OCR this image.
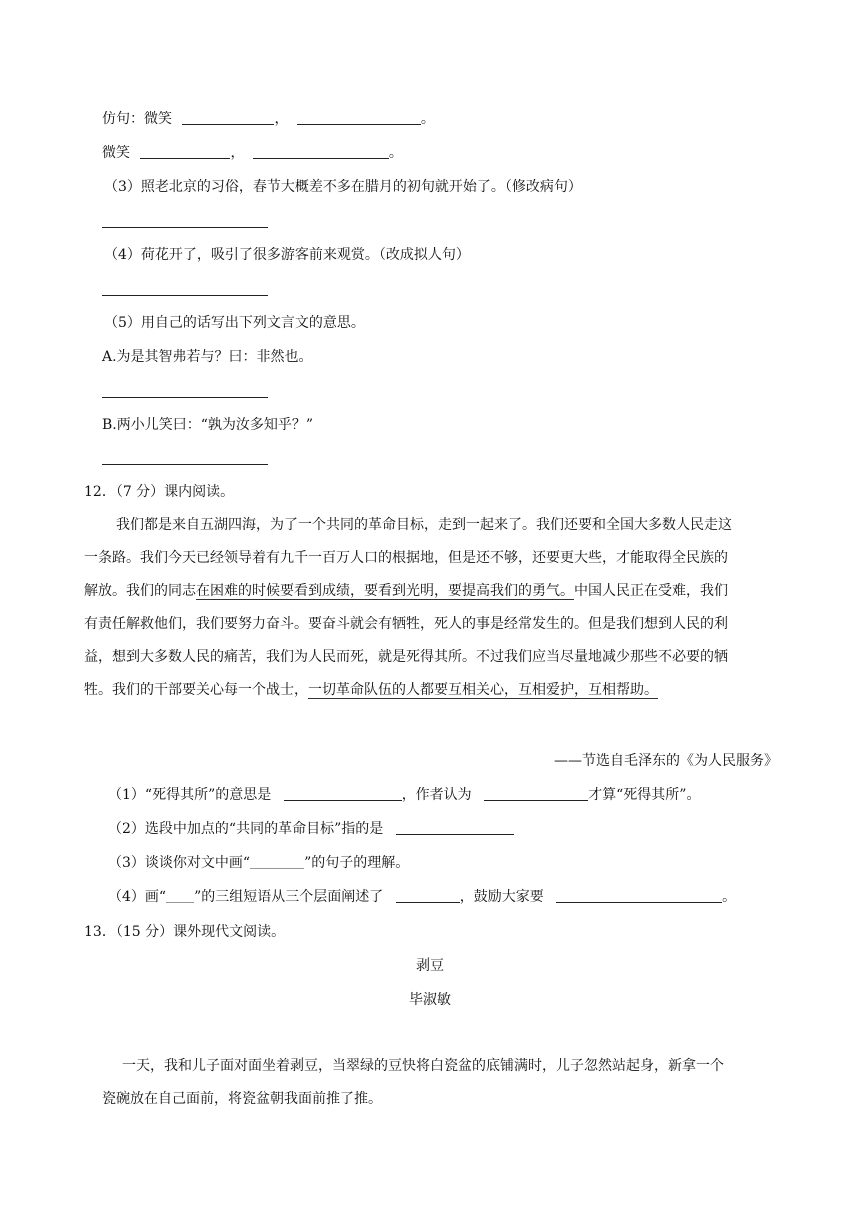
仿句：微笑	，	。
微笑	，	。
（3）照老北京的习俗，春节大概差不多在腊月的初旬就开始了。（修改病句）
（4）荷花开了，吸引了很多游客前来观赏。（改成拟人句）
（5）用自己的话写出下列文言文的意思。
A.为是其智弗若与？曰：非然也。
B.两小儿笑曰：“孰为汝多知乎？”
12．（7 分）课内阅读。
我们都是来自五湖四海，为了一个共同的革命目标，走到一起来了。我们还要和全国大多数人民走这
一条路。我们今天已经领导着有九千一百万人口的根据地，但是还不够，还要更大些，才能取得全民族的
解放。我们的同志在困难的时候要看到成绩，要看到光明，要提高我们的勇气。中国人民正在受难，我们
有责任解救他们，我们要努力奋斗。要奋斗就会有牺牲，死人的事是经常发生的。但是我们想到人民的利
益，想到大多数人民的痛苦，我们为人民而死，就是死得其所。不过我们应当尽量地减少那些不必要的牺
牲。我们的干部要关心每一个战士，一切革命队伍的人都要互相关心，互相爱护，互相帮助。
——节选自毛泽东的《为人民服务》
（1）“死得其所”的意思是	，作者认为	才算“死得其所”。
（2）选段中加点的“共同的革命目标”指的是
（3）谈谈你对文中画“	”的句子的理解。
（4）画“ ”的三组短语从三个层面阐述了	，鼓励大家要	。
13．（15 分）课外现代文阅读。
剥豆
毕淑敏
一天，我和儿子面对面坐着剥豆，当翠绿的豆快将白瓷盆的底铺满时，儿子忽然站起身，新拿一个
瓷碗放在自己面前，将瓷盆朝我面前推了推。
